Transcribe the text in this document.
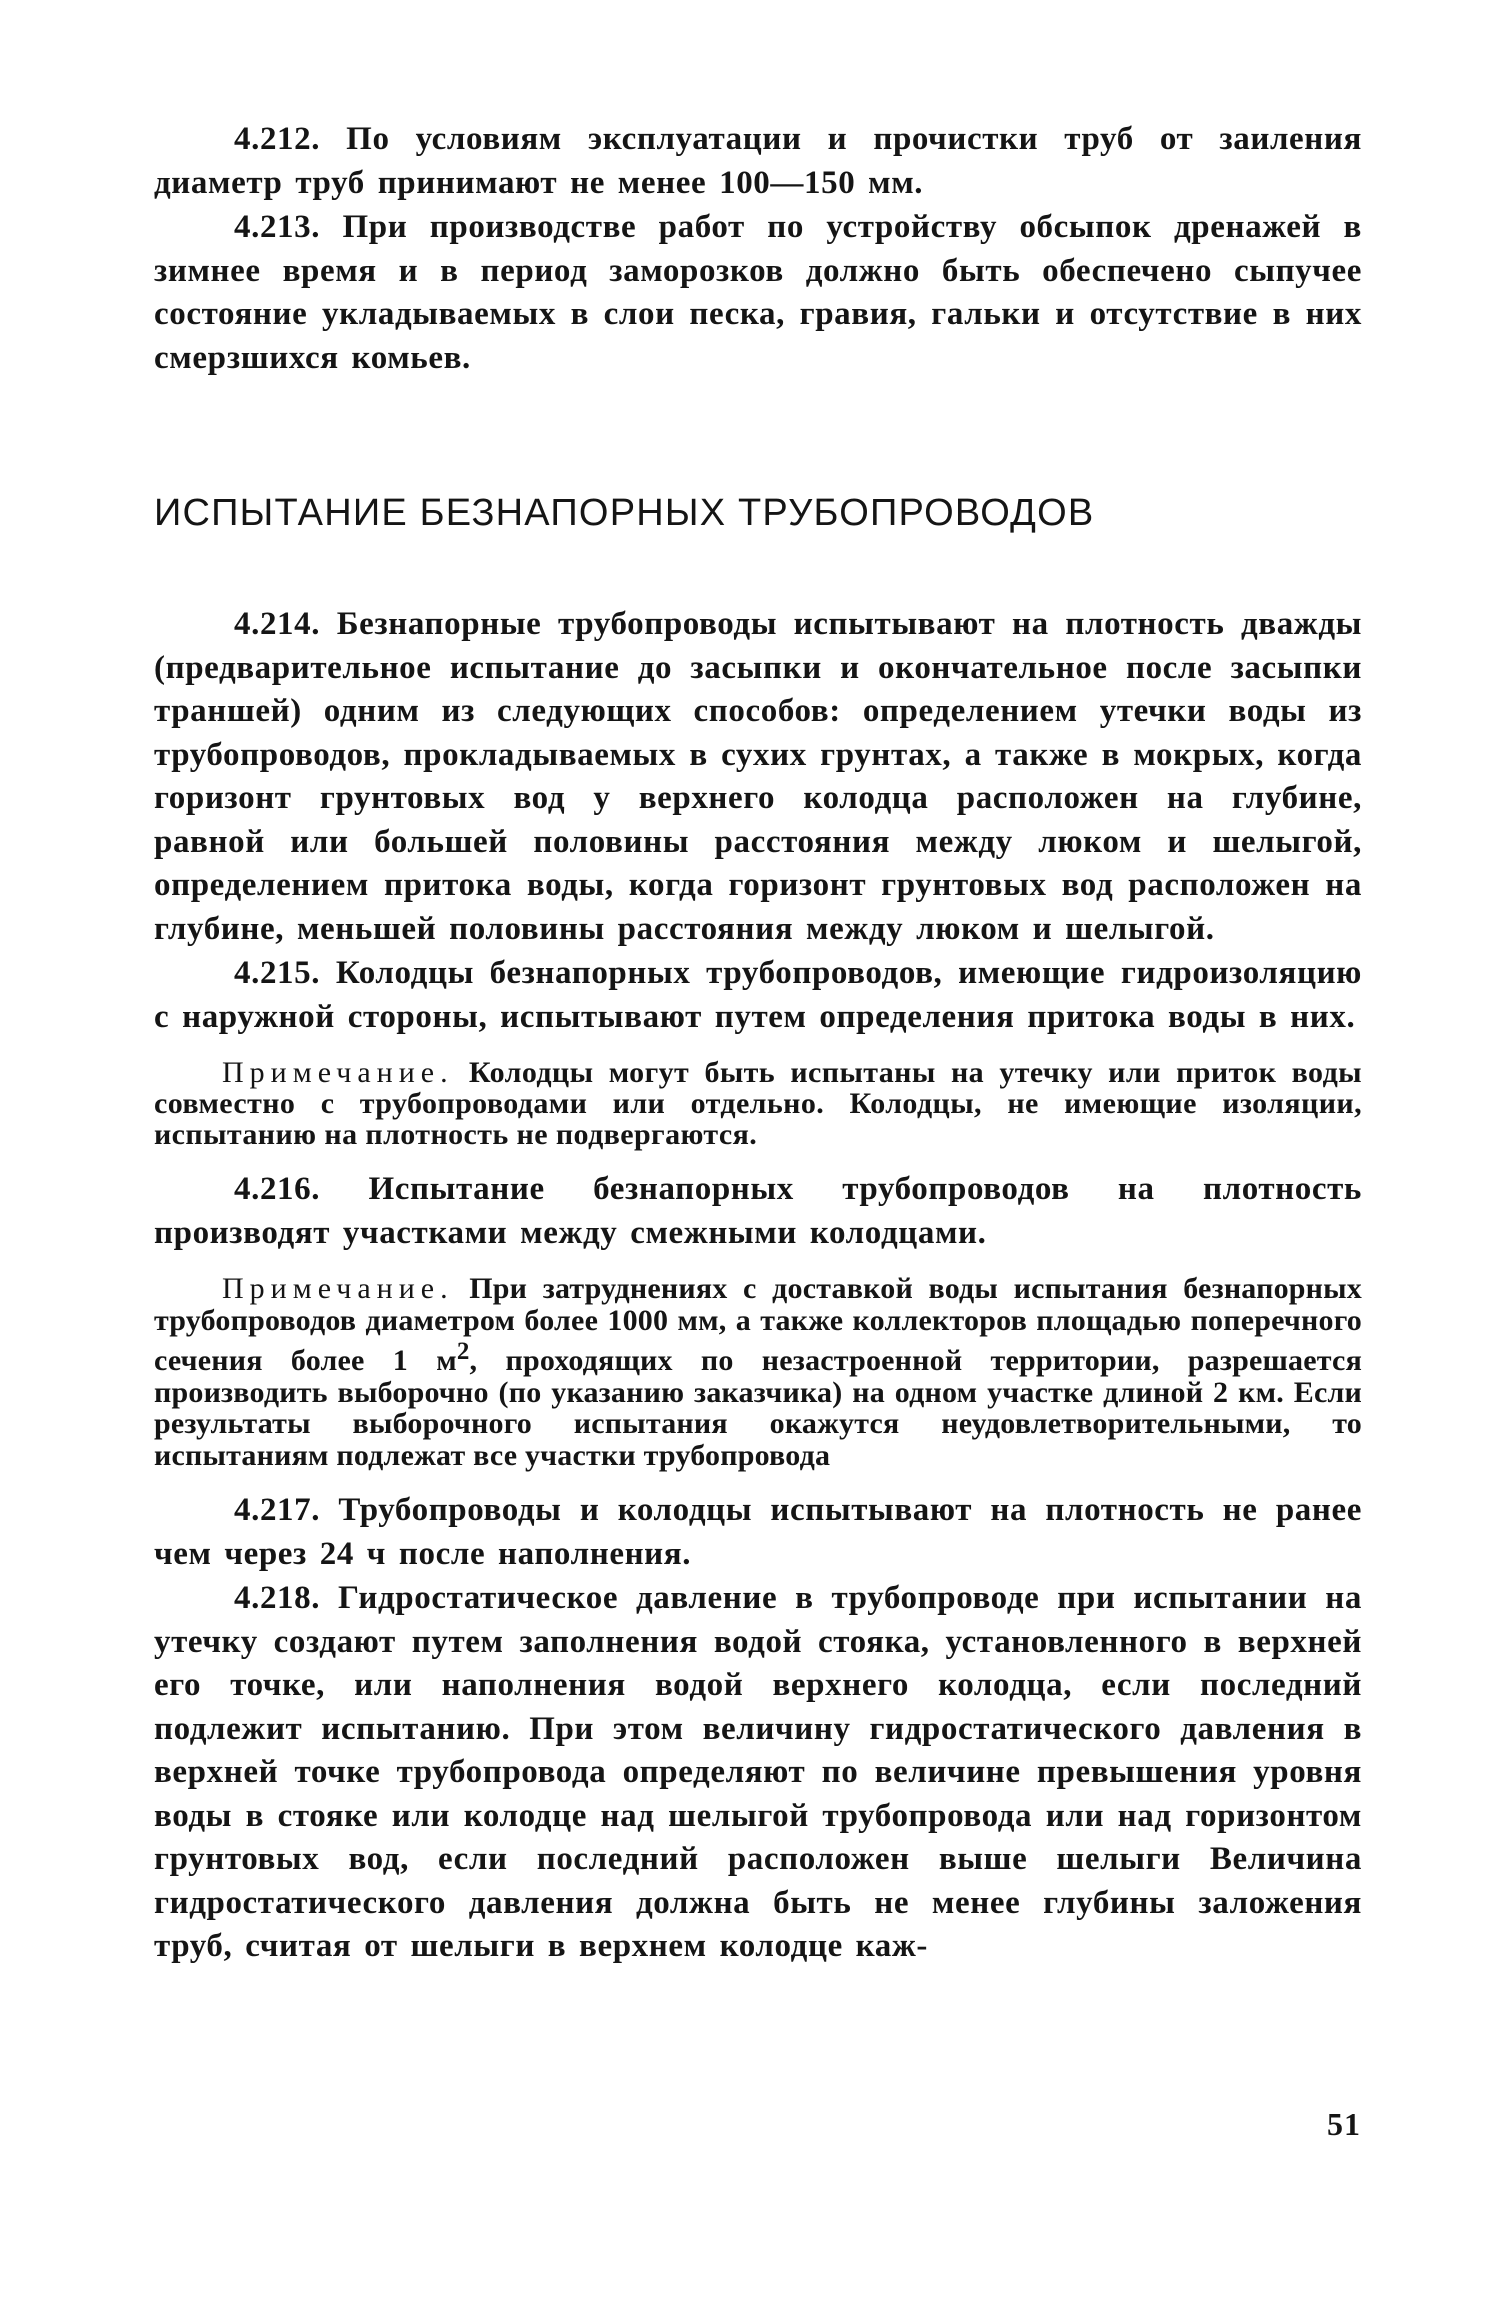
4.212. По условиям эксплуатации и прочистки труб от заиления диаметр труб принимают не менее 100—150 мм.

4.213. При производстве работ по устройству обсыпок дренажей в зимнее время и в период заморозков должно быть обеспечено сыпучее состояние укладываемых в слои песка, гравия, гальки и отсутствие в них смерзшихся комьев.

ИСПЫТАНИЕ БЕЗНАПОРНЫХ ТРУБОПРОВОДОВ

4.214. Безнапорные трубопроводы испытывают на плотность дважды (предварительное испытание до засыпки и окончательное после засыпки траншей) одним из следующих способов: определением утечки воды из трубопроводов, прокладываемых в сухих грунтах, а также в мокрых, когда горизонт грунтовых вод у верхнего колодца расположен на глубине, равной или большей половины расстояния между люком и шелыгой, определением притока воды, когда горизонт грунтовых вод расположен на глубине, меньшей половины расстояния между люком и шелыгой.

4.215. Колодцы безнапорных трубопроводов, имеющие гидроизоляцию с наружной стороны, испытывают путем определения притока воды в них.

Примечание. Колодцы могут быть испытаны на утечку или приток воды совместно с трубопроводами или отдельно. Колодцы, не имеющие изоляции, испытанию на плотность не подвергаются.

4.216. Испытание безнапорных трубопроводов на плотность производят участками между смежными колодцами.

Примечание. При затруднениях с доставкой воды испытания безнапорных трубопроводов диаметром более 1000 мм, а также коллекторов площадью поперечного сечения более 1 $м^2$, проходящих по незастроенной территории, разрешается производить выборочно (по указанию заказчика) на одном участке длиной 2 км. Если результаты выборочного испытания окажутся неудовлетворительными, то испытаниям подлежат все участки трубопровода

4.217. Трубопроводы и колодцы испытывают на плотность не ранее чем через 24 ч после наполнения.

4.218. Гидростатическое давление в трубопроводе при испытании на утечку создают путем заполнения водой стояка, установленного в верхней его точке, или наполнения водой верхнего колодца, если последний подлежит испытанию. При этом величину гидростатического давления в верхней точке трубопровода определяют по величине превышения уровня воды в стояке или колодце над шелыгой трубопровода или над горизонтом грунтовых вод, если последний расположен выше шелыги Величина гидростатического давления должна быть не менее глубины заложения труб, считая от шелыги в верхнем колодце каж-

51
